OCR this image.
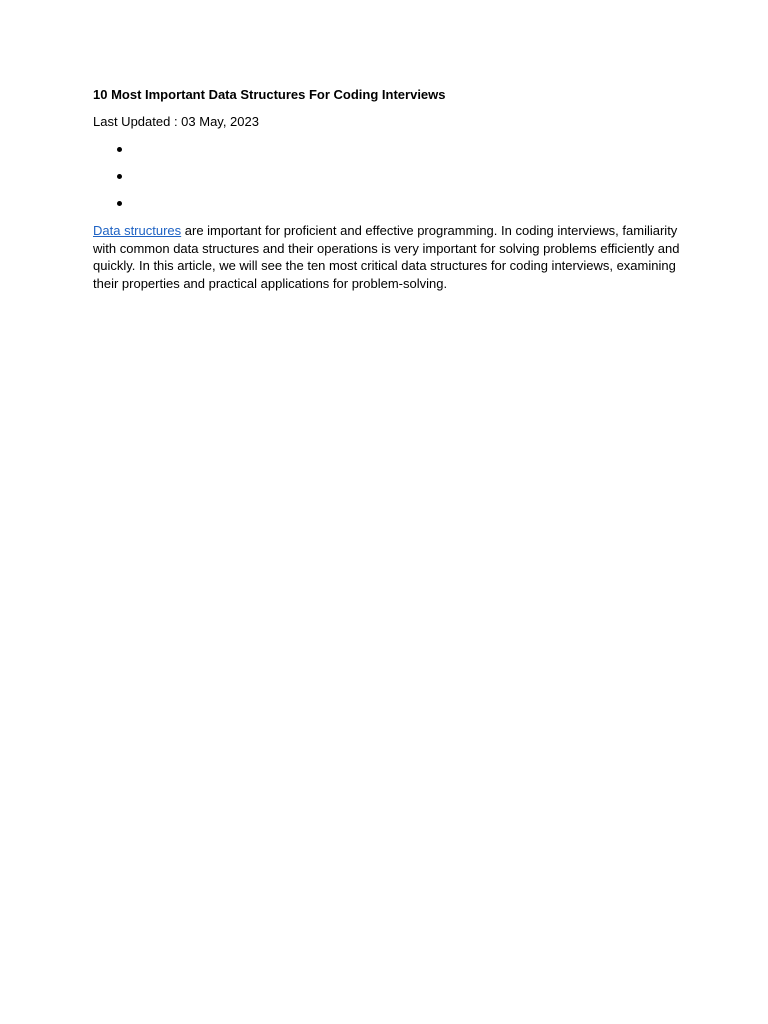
10 Most Important Data Structures For Coding Interviews

Last Updated : 03 May, 2023

Data structures are important for proficient and effective programming. In coding interviews, familiarity with common data structures and their operations is very important for solving problems efficiently and quickly. In this article, we will see the ten most critical data structures for coding interviews, examining their properties and practical applications for problem-solving.
